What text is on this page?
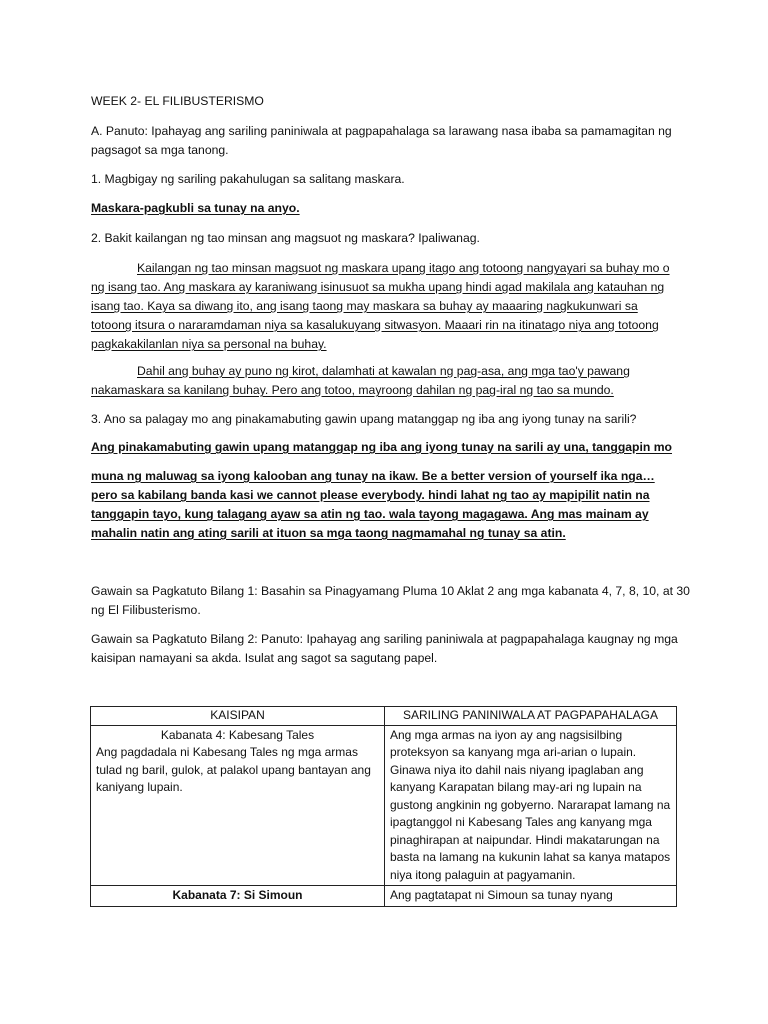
WEEK 2- EL FILIBUSTERISMO

A. Panuto: Ipahayag ang sariling paniniwala at pagpapahalaga sa larawang nasa ibaba sa pamamagitan ng pagsagot sa mga tanong.

1. Magbigay ng sariling pakahulugan sa salitang maskara.

Maskara-pagkubli sa tunay na anyo.

2. Bakit kailangan ng tao minsan ang magsuot ng maskara? Ipaliwanag.

Kailangan ng tao minsan magsuot ng maskara upang itago ang totoong nangyayari sa buhay mo o ng isang tao. Ang maskara ay karaniwang isinusuot sa mukha upang hindi agad makilala ang katauhan ng isang tao. Kaya sa diwang ito, ang isang taong may maskara sa buhay ay maaaring nagkukunwari sa totoong itsura o nararamdaman niya sa kasalukuyang sitwasyon. Maaari rin na itinatago niya ang totoong pagkakakilanlan niya sa personal na buhay.

Dahil ang buhay ay puno ng kirot, dalamhati at kawalan ng pag-asa, ang mga tao'y pawang nakamaskara sa kanilang buhay. Pero ang totoo, mayroong dahilan ng pag-iral ng tao sa mundo.

3. Ano sa palagay mo ang pinakamabuting gawin upang matanggap ng iba ang iyong tunay na sarili?

Ang pinakamabuting gawin upang matanggap ng iba ang iyong tunay na sarili ay una, tanggapin mo

muna ng maluwag sa iyong kalooban ang tunay na ikaw. Be a better version of yourself ika nga…pero sa kabilang banda kasi we cannot please everybody. hindi lahat ng tao ay mapipilit natin na tanggapin tayo, kung talagang ayaw sa atin ng tao. wala tayong magagawa. Ang mas mainam ay mahalin natin ang ating sarili at ituon sa mga taong nagmamahal ng tunay sa atin.

Gawain sa Pagkatuto Bilang 1: Basahin sa Pinagyamang Pluma 10 Aklat 2 ang mga kabanata 4, 7, 8, 10, at 30 ng El Filibusterismo.

Gawain sa Pagkatuto Bilang 2: Panuto: Ipahayag ang sariling paniniwala at pagpapahalaga kaugnay ng mga kaisipan namayani sa akda. Isulat ang sagot sa sagutang papel.

KAISIPAN	SARILING PANINIWALA AT PAGPAPAHALAGA

Kabanata 4: Kabesang Tales
Ang pagdadala ni Kabesang Tales ng mga armas tulad ng baril, gulok, at palakol upang bantayan ang kaniyang lupain.	Ang mga armas na iyon ay ang nagsisilbing proteksyon sa kanyang mga ari-arian o lupain. Ginawa niya ito dahil nais niyang ipaglaban ang kanyang Karapatan bilang may-ari ng lupain na gustong angkinin ng gobyerno. Nararapat lamang na ipagtanggol ni Kabesang Tales ang kanyang mga pinaghirapan at naipundar. Hindi makatarungan na basta na lamang na kukunin lahat sa kanya matapos niya itong palaguin at pagyamanin.

Kabanata 7: Si Simoun	Ang pagtatapat ni Simoun sa tunay nyang
